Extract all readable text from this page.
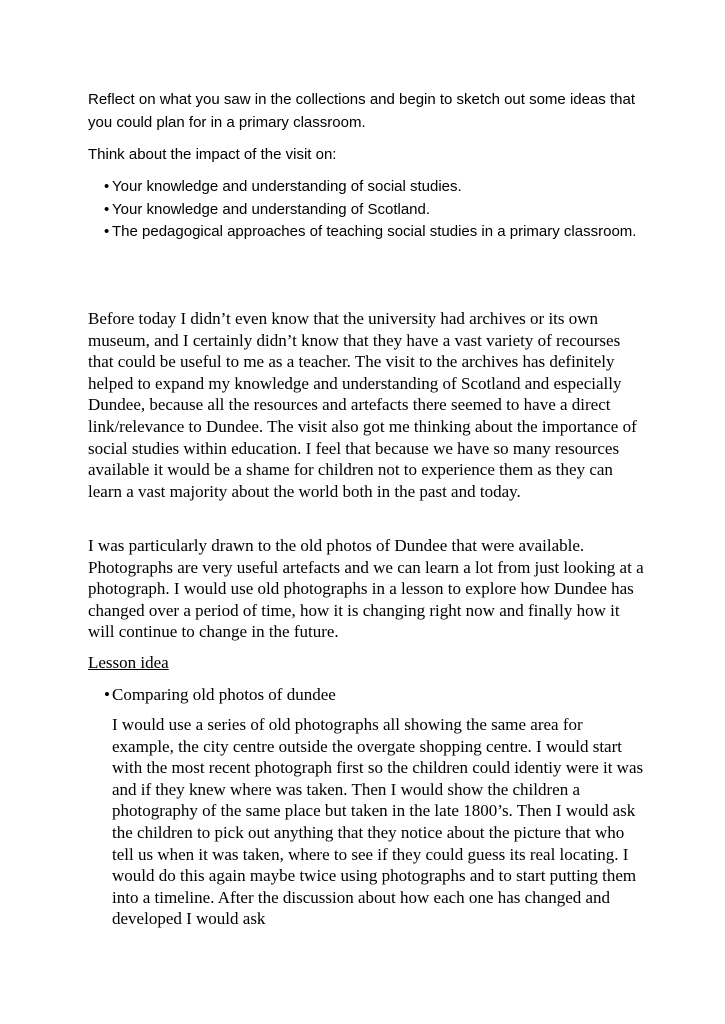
Reflect on what you saw in the collections and begin to sketch out some ideas that you could plan for in a primary classroom.

Think about the impact of the visit on:

• Your knowledge and understanding of social studies.
• Your knowledge and understanding of Scotland.
• The pedagogical approaches of teaching social studies in a primary classroom.

Before today I didn’t even know that the university had archives or its own museum, and I certainly didn’t know that they have a vast variety of recourses that could be useful to me as a teacher. The visit to the archives has definitely helped to expand my knowledge and understanding of Scotland and especially Dundee, because all the resources and artefacts there seemed to have a direct link/relevance to Dundee. The visit also got me thinking about the importance of social studies within education. I feel that because we have so many resources available it would be a shame for children not to experience them as they can learn a vast majority about the world both in the past and today.

I was particularly drawn to the old photos of Dundee that were available. Photographs are very useful artefacts and we can learn a lot from just looking at a photograph. I would use old photographs in a lesson to explore how Dundee has changed over a period of time, how it is changing right now and finally how it will continue to change in the future.

Lesson idea

• Comparing old photos of dundee

I would use a series of old photographs all showing the same area for example, the city centre outside the overgate shopping centre. I would start with the most recent photograph first so the children could identiy were it was and if they knew where was taken. Then I would show the children a photography of the same place but taken in the late 1800’s. Then I would ask the children to pick out anything that they notice about the picture that who tell us when it was taken, where to see if they could guess its real locating. I would do this again maybe twice using photographs and to start putting them into a timeline. After the discussion about how each one has changed and developed I would ask
